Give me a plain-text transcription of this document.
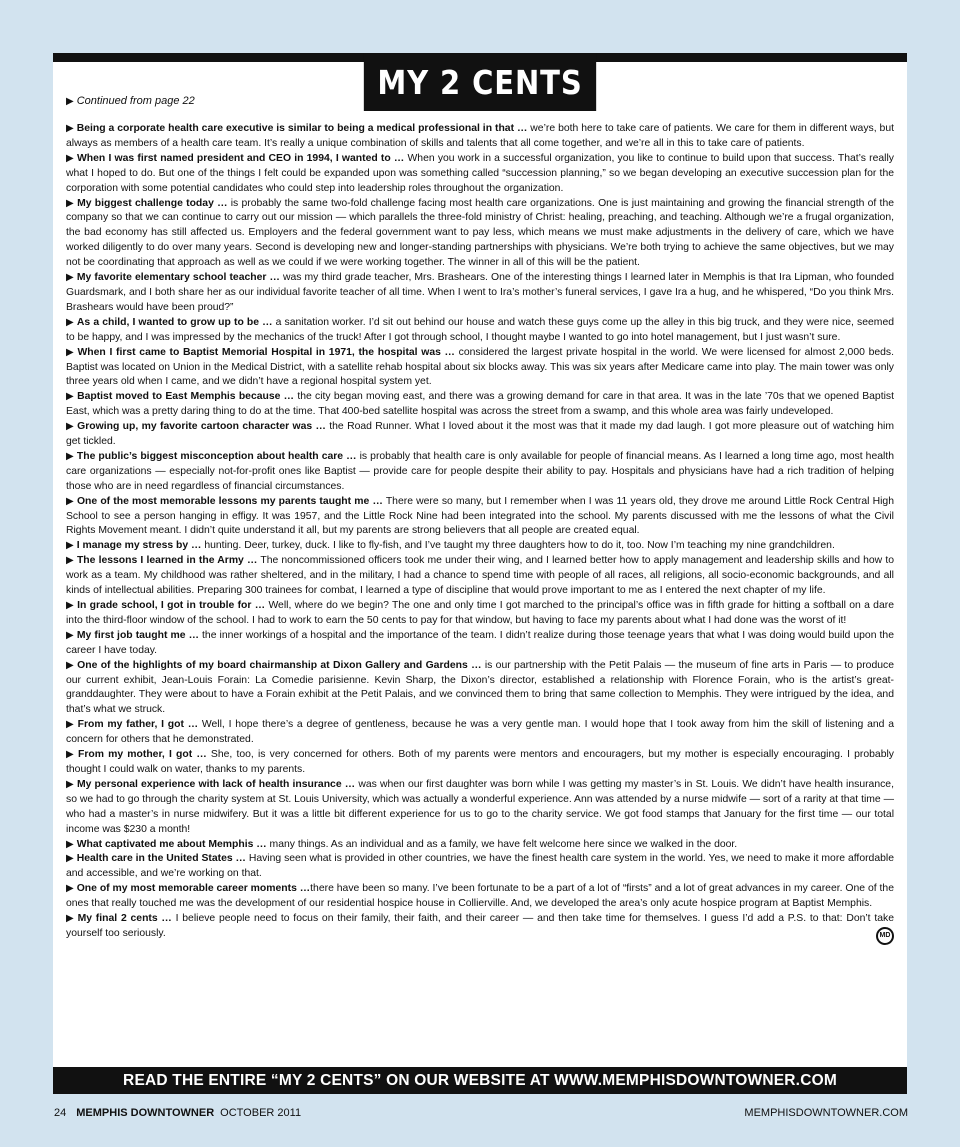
MY 2 CENTS
▶ Continued from page 22

▶ Being a corporate health care executive is similar to being a medical professional in that … we’re both here to take care of patients. We care for them in different ways, but always as members of a health care team. It’s really a unique combination of skills and talents that all come together, and we’re all in this to take care of patients.

▶ When I was first named president and CEO in 1994, I wanted to … When you work in a successful organization, you like to continue to build upon that success. That’s really what I hoped to do. But one of the things I felt could be expanded upon was something called “succession planning,” so we began developing an executive succession plan for the corporation with some potential candidates who could step into leadership roles throughout the organization.

▶ My biggest challenge today … is probably the same two-fold challenge facing most health care organizations. One is just maintaining and growing the financial strength of the company so that we can continue to carry out our mission — which parallels the three-fold ministry of Christ: healing, preaching, and teaching. Although we’re a frugal organization, the bad economy has still affected us. Employers and the federal government want to pay less, which means we must make adjustments in the delivery of care, which we have worked diligently to do over many years. Second is developing new and longer-standing partnerships with physicians. We’re both trying to achieve the same objectives, but we may not be coordinating that approach as well as we could if we were working together. The winner in all of this will be the patient.

▶ My favorite elementary school teacher … was my third grade teacher, Mrs. Brashears. One of the interesting things I learned later in Memphis is that Ira Lipman, who founded Guardsmark, and I both share her as our individual favorite teacher of all time. When I went to Ira’s mother’s funeral services, I gave Ira a hug, and he whispered, “Do you think Mrs. Brashears would have been proud?”

▶ As a child, I wanted to grow up to be … a sanitation worker. I’d sit out behind our house and watch these guys come up the alley in this big truck, and they were nice, seemed to be happy, and I was impressed by the mechanics of the truck! After I got through school, I thought maybe I wanted to go into hotel management, but I just wasn’t sure.

▶ When I first came to Baptist Memorial Hospital in 1971, the hospital was … considered the largest private hospital in the world. We were licensed for almost 2,000 beds. Baptist was located on Union in the Medical District, with a satellite rehab hospital about six blocks away. This was six years after Medicare came into play. The main tower was only three years old when I came, and we didn’t have a regional hospital system yet.

▶ Baptist moved to East Memphis because … the city began moving east, and there was a growing demand for care in that area. It was in the late ’70s that we opened Baptist East, which was a pretty daring thing to do at the time. That 400-bed satellite hospital was across the street from a swamp, and this whole area was fairly undeveloped.

▶ Growing up, my favorite cartoon character was … the Road Runner. What I loved about it the most was that it made my dad laugh. I got more pleasure out of watching him get tickled.

▶ The public’s biggest misconception about health care … is probably that health care is only available for people of financial means. As I learned a long time ago, most health care organizations — especially not-for-profit ones like Baptist — provide care for people despite their ability to pay. Hospitals and physicians have had a rich tradition of helping those who are in need regardless of financial circumstances.

▶ One of the most memorable lessons my parents taught me … There were so many, but I remember when I was 11 years old, they drove me around Little Rock Central High School to see a person hanging in effigy. It was 1957, and the Little Rock Nine had been integrated into the school. My parents discussed with me the lessons of what the Civil Rights Movement meant. I didn’t quite understand it all, but my parents are strong believers that all people are created equal.

▶ I manage my stress by … hunting. Deer, turkey, duck. I like to fly-fish, and I’ve taught my three daughters how to do it, too. Now I’m teaching my nine grandchildren.

▶ The lessons I learned in the Army … The noncommissioned officers took me under their wing, and I learned better how to apply management and leadership skills and how to work as a team. My childhood was rather sheltered, and in the military, I had a chance to spend time with people of all races, all religions, all socio-economic backgrounds, and all kinds of intellectual abilities. Preparing 300 trainees for combat, I learned a type of discipline that would prove important to me as I entered the next chapter of my life.

▶ In grade school, I got in trouble for … Well, where do we begin? The one and only time I got marched to the principal’s office was in fifth grade for hitting a softball on a dare into the third-floor window of the school. I had to work to earn the 50 cents to pay for that window, but having to face my parents about what I had done was the worst of it!

▶ My first job taught me … the inner workings of a hospital and the importance of the team. I didn’t realize during those teenage years that what I was doing would build upon the career I have today.

▶ One of the highlights of my board chairmanship at Dixon Gallery and Gardens … is our partnership with the Petit Palais — the museum of fine arts in Paris — to produce our current exhibit, Jean-Louis Forain: La Comedie parisienne. Kevin Sharp, the Dixon’s director, established a relationship with Florence Forain, who is the artist’s great-granddaughter. They were about to have a Forain exhibit at the Petit Palais, and we convinced them to bring that same collection to Memphis. They were intrigued by the idea, and that’s what we struck.

▶ From my father, I got … Well, I hope there’s a degree of gentleness, because he was a very gentle man. I would hope that I took away from him the skill of listening and a concern for others that he demonstrated.

▶ From my mother, I got … She, too, is very concerned for others. Both of my parents were mentors and encouragers, but my mother is especially encouraging. I probably thought I could walk on water, thanks to my parents.

▶ My personal experience with lack of health insurance … was when our first daughter was born while I was getting my master’s in St. Louis. We didn’t have health insurance, so we had to go through the charity system at St. Louis University, which was actually a wonderful experience. Ann was attended by a nurse midwife — sort of a rarity at that time — who had a master’s in nurse midwifery. But it was a little bit different experience for us to go to the charity service. We got food stamps that January for the first time — our total income was $230 a month!

▶ What captivated me about Memphis … many things. As an individual and as a family, we have felt welcome here since we walked in the door.

▶ Health care in the United States … Having seen what is provided in other countries, we have the finest health care system in the world. Yes, we need to make it more affordable and accessible, and we’re working on that.

▶ One of my most memorable career moments …there have been so many. I’ve been fortunate to be a part of a lot of “firsts” and a lot of great advances in my career. One of the ones that really touched me was the development of our residential hospice house in Collierville. And, we developed the area’s only acute hospice program at Baptist Memphis.

▶ My final 2 cents … I believe people need to focus on their family, their faith, and their career — and then take time for themselves. I guess I’d add a P.S. to that: Don’t take yourself too seriously.	MD

READ THE ENTIRE “MY 2 CENTS” ON OUR WEBSITE AT WWW.MEMPHISDOWNTOWNER.COM
24 MEMPHIS DOWNTOWNER OCTOBER 2011	MEMPHISDOWNTOWNER.COM
